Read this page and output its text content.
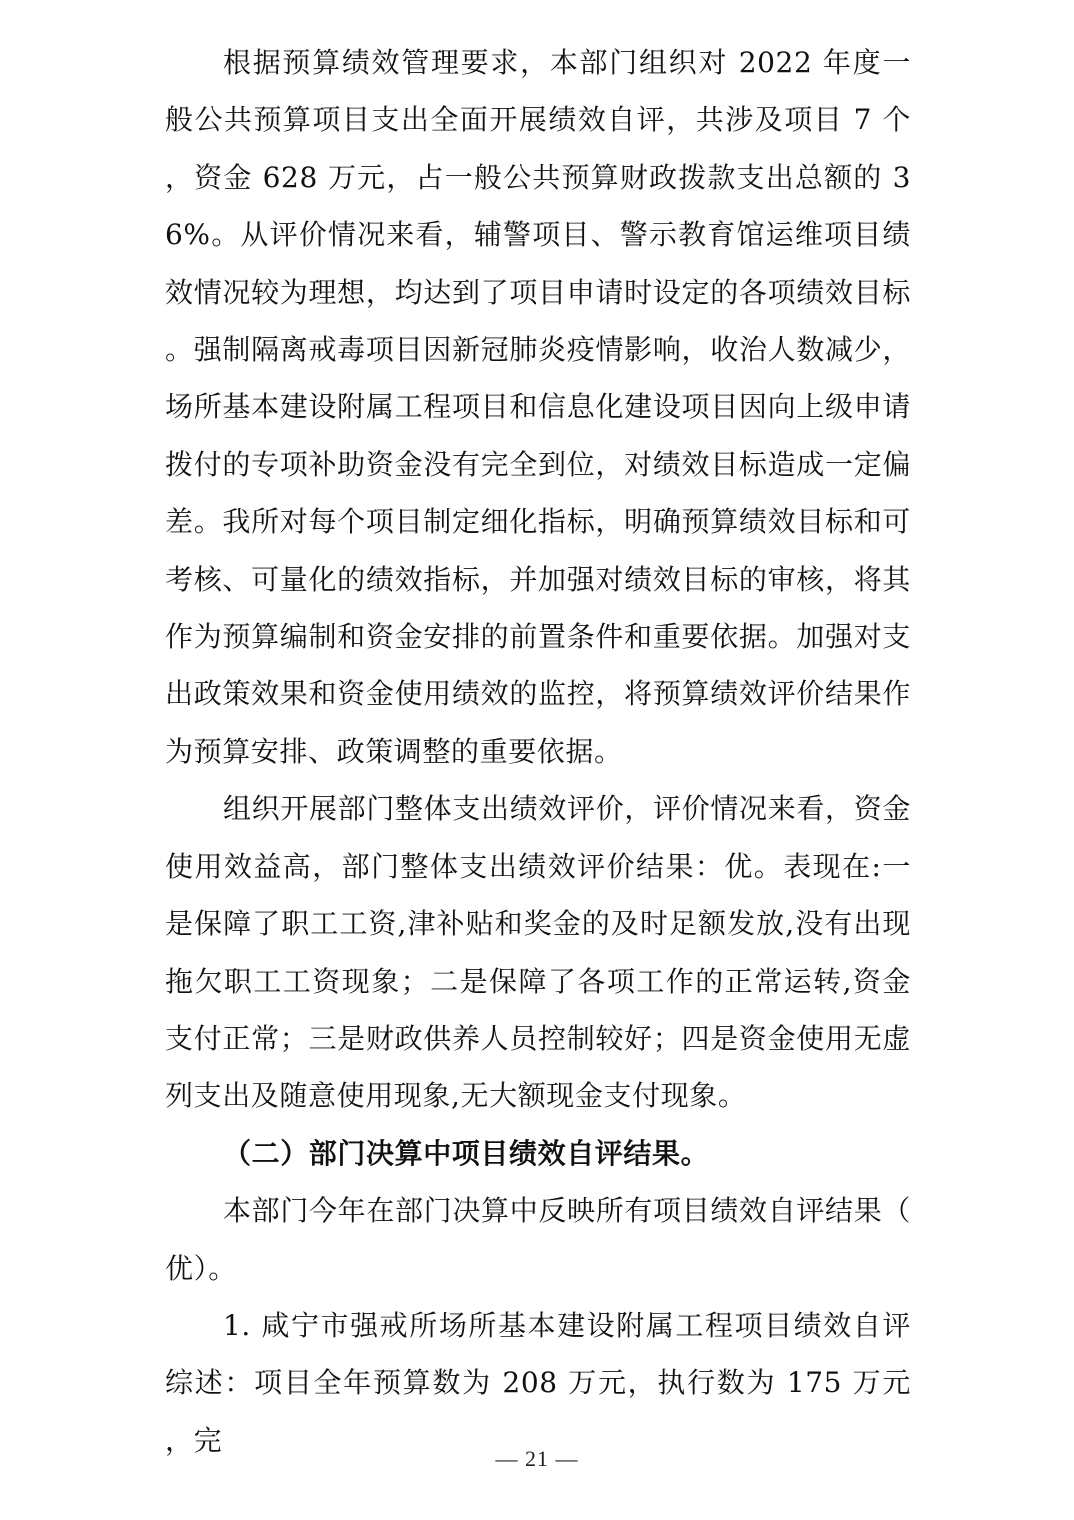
根据预算绩效管理要求，本部门组织对 2022 年度一般公共预算项目支出全面开展绩效自评，共涉及项目 7 个，资金 628 万元，占一般公共预算财政拨款支出总额的 36%。从评价情况来看，辅警项目、警示教育馆运维项目绩效情况较为理想，均达到了项目申请时设定的各项绩效目标。强制隔离戒毒项目因新冠肺炎疫情影响，收治人数减少，场所基本建设附属工程项目和信息化建设项目因向上级申请拨付的专项补助资金没有完全到位，对绩效目标造成一定偏差。我所对每个项目制定细化指标，明确预算绩效目标和可考核、可量化的绩效指标，并加强对绩效目标的审核，将其作为预算编制和资金安排的前置条件和重要依据。加强对支出政策效果和资金使用绩效的监控，将预算绩效评价结果作为预算安排、政策调整的重要依据。

组织开展部门整体支出绩效评价，评价情况来看，资金使用效益高，部门整体支出绩效评价结果：优。表现在:一是保障了职工工资,津补贴和奖金的及时足额发放,没有出现拖欠职工工资现象；二是保障了各项工作的正常运转,资金支付正常；三是财政供养人员控制较好；四是资金使用无虚列支出及随意使用现象,无大额现金支付现象。

（二）部门决算中项目绩效自评结果。

本部门今年在部门决算中反映所有项目绩效自评结果（优）。

1. 咸宁市强戒所场所基本建设附属工程项目绩效自评综述：项目全年预算数为 208 万元，执行数为 175 万元，完

— 21 —
